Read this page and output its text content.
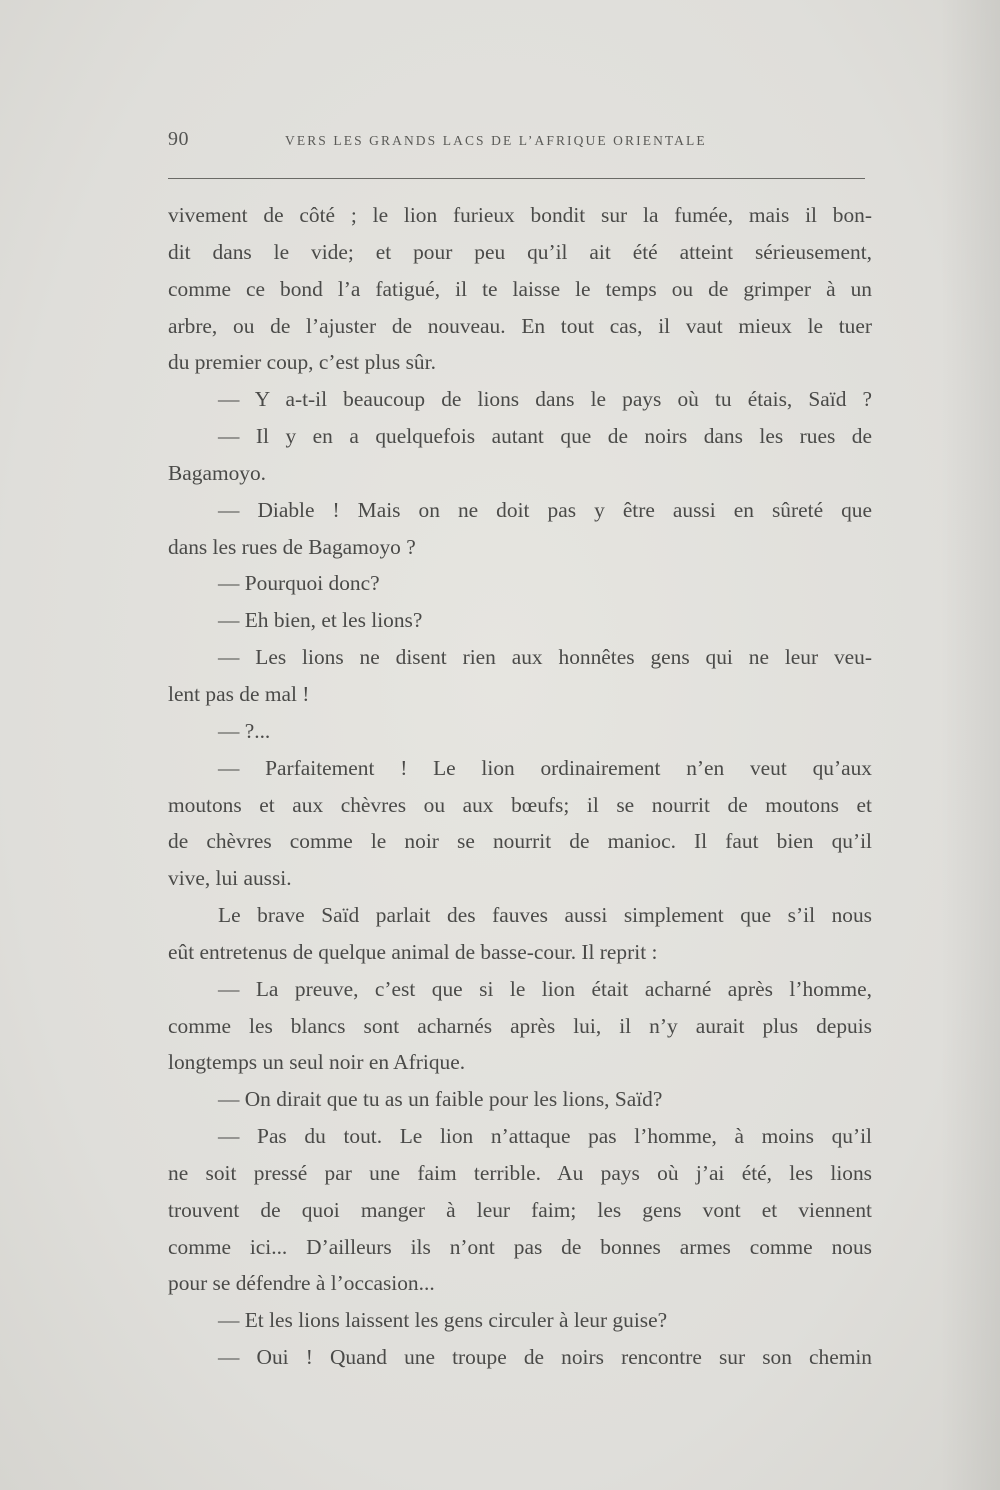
90	VERS LES GRANDS LACS DE L’AFRIQUE ORIENTALE
vivement de côté ; le lion furieux bondit sur la fumée, mais il bon-
dit dans le vide; et pour peu qu’il ait été atteint sérieusement,
comme ce bond l’a fatigué, il te laisse le temps ou de grimper à un
arbre, ou de l’ajuster de nouveau. En tout cas, il vaut mieux le tuer
du premier coup, c’est plus sûr.
— Y a-t-il beaucoup de lions dans le pays où tu étais, Saïd ?
— Il y en a quelquefois autant que de noirs dans les rues de
Bagamoyo.
— Diable ! Mais on ne doit pas y être aussi en sûreté que
dans les rues de Bagamoyo ?
— Pourquoi donc?
— Eh bien, et les lions?
— Les lions ne disent rien aux honnêtes gens qui ne leur veu-
lent pas de mal !
— ?...
— Parfaitement ! Le lion ordinairement n’en veut qu’aux
moutons et aux chèvres ou aux bœufs; il se nourrit de moutons et
de chèvres comme le noir se nourrit de manioc. Il faut bien qu’il
vive, lui aussi.
Le brave Saïd parlait des fauves aussi simplement que s’il nous
eût entretenus de quelque animal de basse-cour. Il reprit :
— La preuve, c’est que si le lion était acharné après l’homme,
comme les blancs sont acharnés après lui, il n’y aurait plus depuis
longtemps un seul noir en Afrique.
— On dirait que tu as un faible pour les lions, Saïd?
— Pas du tout. Le lion n’attaque pas l’homme, à moins qu’il
ne soit pressé par une faim terrible. Au pays où j’ai été, les lions
trouvent de quoi manger à leur faim; les gens vont et viennent
comme ici... D’ailleurs ils n’ont pas de bonnes armes comme nous
pour se défendre à l’occasion...
— Et les lions laissent les gens circuler à leur guise?
— Oui ! Quand une troupe de noirs rencontre sur son chemin
